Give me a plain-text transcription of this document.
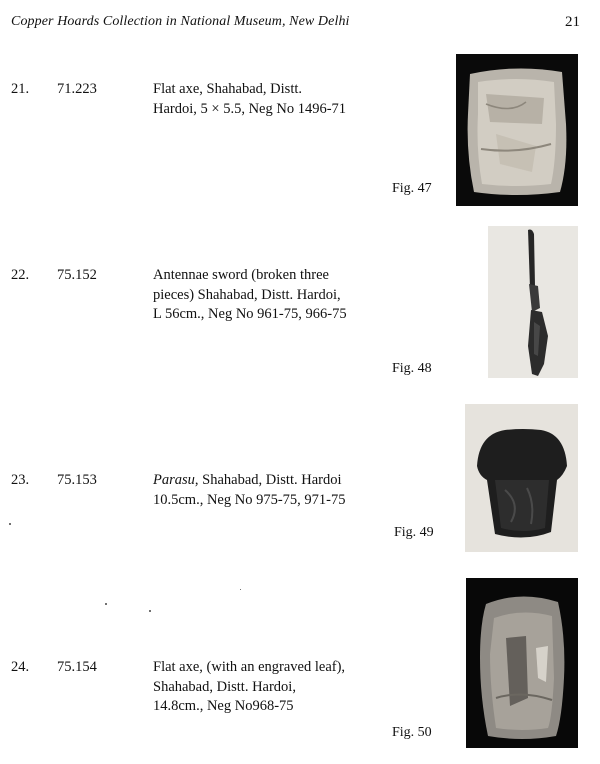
Copper Hoards Collection in National Museum, New Delhi	21
21. 71.223	Flat axe, Shahabad, Distt. Hardoi, 5 × 5.5, Neg No 1496-71
Fig. 47
22. 75.152	Antennae sword (broken three pieces) Shahabad, Distt. Hardoi, L 56cm., Neg No 961-75, 966-75
Fig. 48
23. 75.153	Parasu, Shahabad, Distt. Hardoi 10.5cm., Neg No 975-75, 971-75
Fig. 49
24. 75.154	Flat axe, (with an engraved leaf), Shahabad, Distt. Hardoi, 14.8cm., Neg No968-75
Fig. 50
